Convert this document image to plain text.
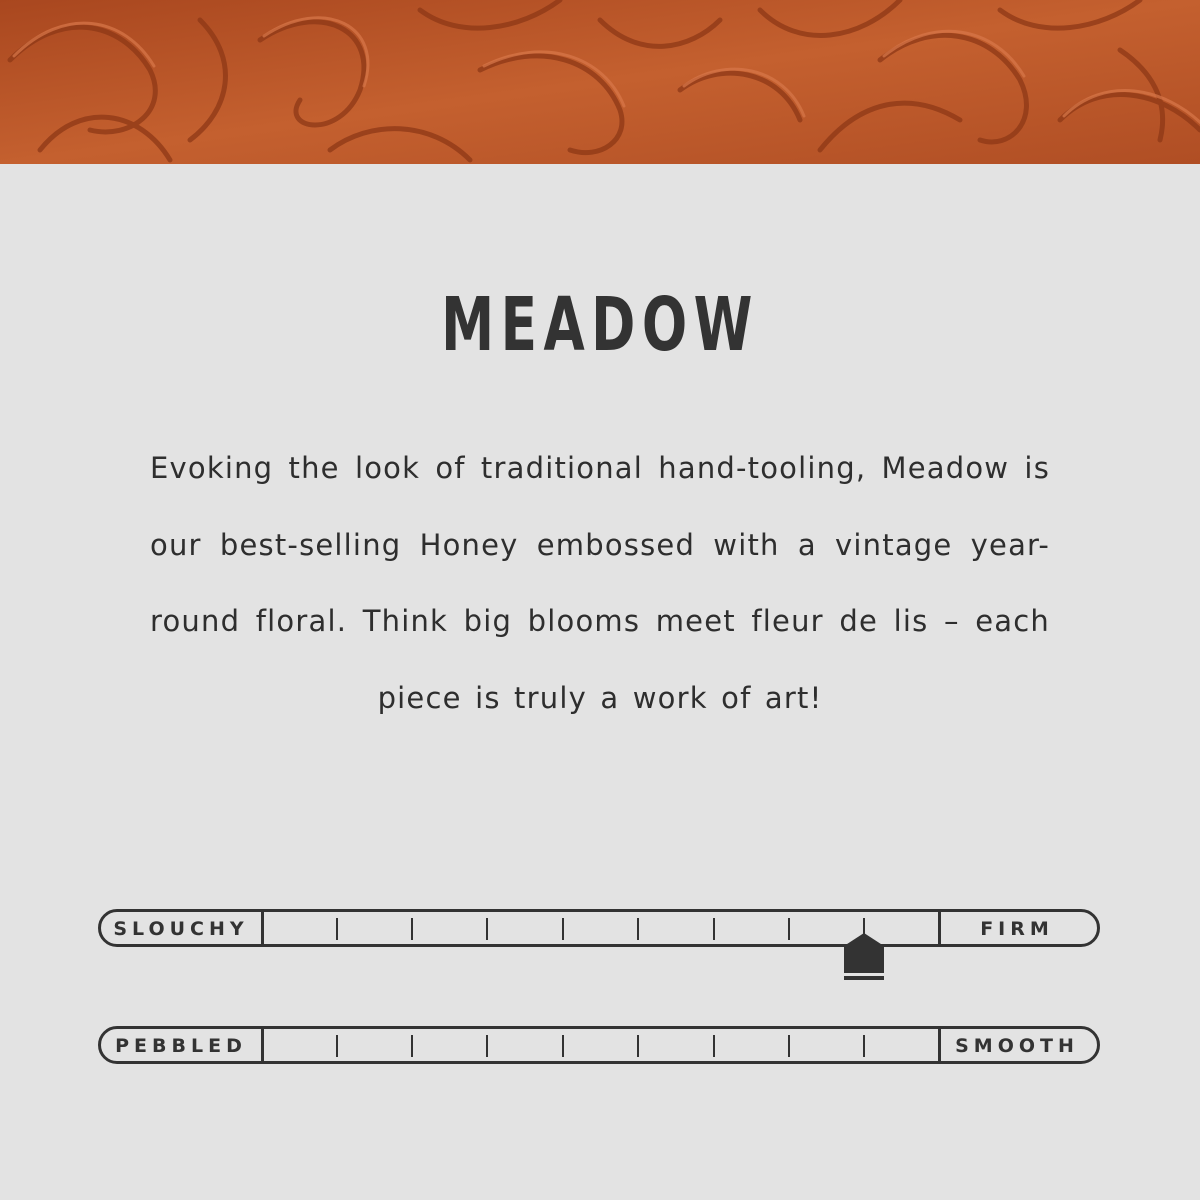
MEADOW

Evoking the look of traditional hand-tooling, Meadow is our best-selling Honey embossed with a vintage year-round floral. Think big blooms meet fleur de lis – each piece is truly a work of art!

SLOUCHY	FIRM
PEBBLED	SMOOTH
